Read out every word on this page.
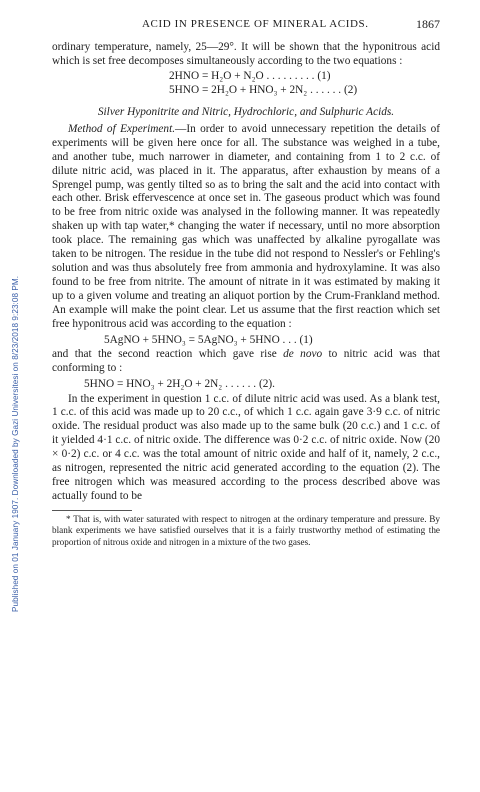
Published on 01 January 1907. Downloaded by Gazi Universitesi on 8/23/2018 9:23:08 PM.
ACID IN PRESENCE OF MINERAL ACIDS.	1867

ordinary temperature, namely, 25—29°. It will be shown that the hyponitrous acid which is set free decomposes simultaneously according to the two equations :

2HNO = H₂O + N₂O . . . . . . . . . (1)
5HNO = 2H₂O + HNO₃ + 2N₂ . . . . . . (2)
Silver Hyponitrite and Nitric, Hydrochloric, and Sulphuric Acids.

Method of Experiment.—In order to avoid unnecessary repetition the details of experiments will be given here once for all. The substance was weighed in a tube, and another tube, much narrower in diameter, and containing from 1 to 2 c.c. of dilute nitric acid, was placed in it. The apparatus, after exhaustion by means of a Sprengel pump, was gently tilted so as to bring the salt and the acid into contact with each other. Brisk effervescence at once set in. The gaseous product which was found to be free from nitric oxide was analysed in the following manner. It was repeatedly shaken up with tap water,* changing the water if necessary, until no more absorption took place. The remaining gas which was unaffected by alkaline pyrogallate was taken to be nitrogen. The residue in the tube did not respond to Nessler's or Fehling's solution and was thus absolutely free from ammonia and hydroxylamine. It was also found to be free from nitrite. The amount of nitrate in it was estimated by making it up to a given volume and treating an aliquot portion by the Crum-Frankland method. An example will make the point clear. Let us assume that the first reaction which set free hyponitrous acid was according to the equation :

5AgNO + 5HNO₃ = 5AgNO₃ + 5HNO . . . (1)

and that the second reaction which gave rise de novo to nitric acid was that conforming to :

5HNO = HNO₃ + 2H₂O + 2N₂ . . . . . . (2).

In the experiment in question 1 c.c. of dilute nitric acid was used. As a blank test, 1 c.c. of this acid was made up to 20 c.c., of which 1 c.c. again gave 3·9 c.c. of nitric oxide. The residual product was also made up to the same bulk (20 c.c.) and 1 c.c. of it yielded 4·1 c.c. of nitric oxide. The difference was 0·2 c.c. of nitric oxide. Now (20 × 0·2) c.c. or 4 c.c. was the total amount of nitric oxide and half of it, namely, 2 c.c., as nitrogen, represented the nitric acid generated according to the equation (2). The free nitrogen which was measured according to the process described above was actually found to be

* That is, with water saturated with respect to nitrogen at the ordinary temperature and pressure. By blank experiments we have satisfied ourselves that it is a fairly trustworthy method of estimating the proportion of nitrous oxide and nitrogen in a mixture of the two gases.
